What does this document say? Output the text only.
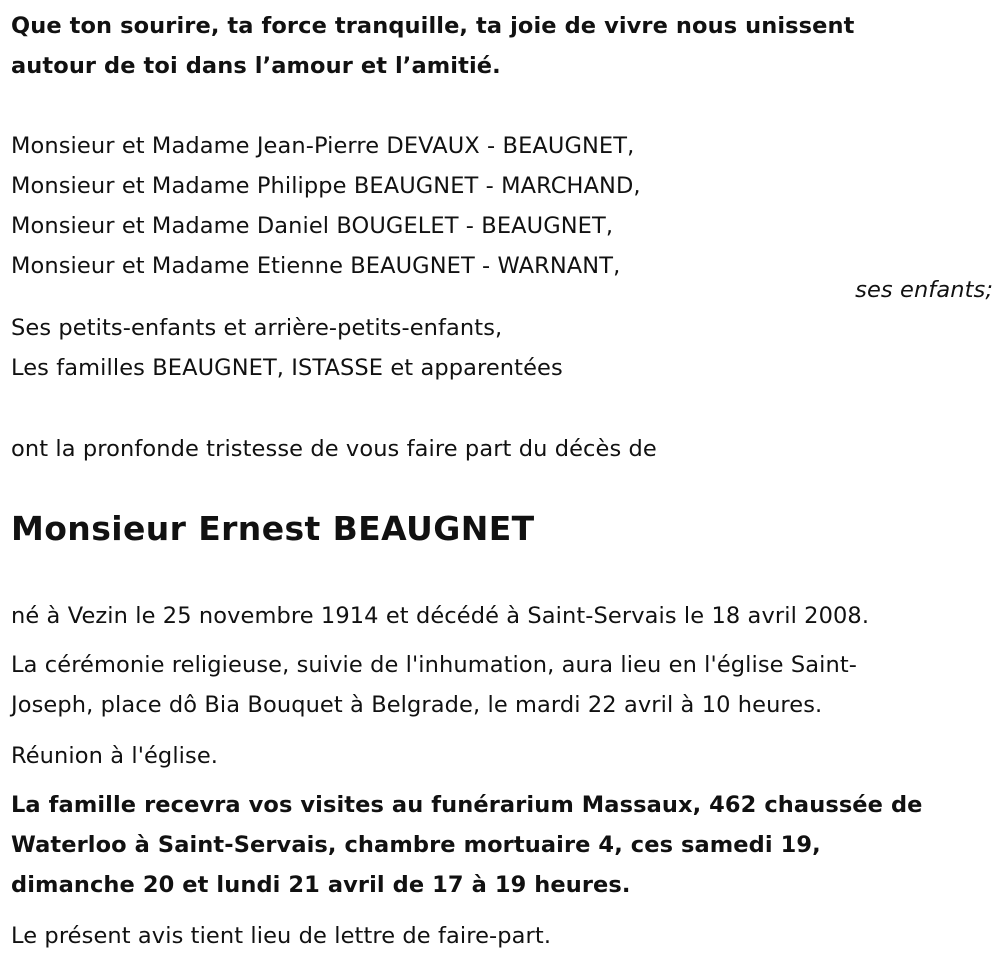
Que ton sourire, ta force tranquille, ta joie de vivre nous unissent
autour de toi dans l’amour et l’amitié.
Monsieur et Madame Jean-Pierre DEVAUX - BEAUGNET,
Monsieur et Madame Philippe BEAUGNET - MARCHAND,
Monsieur et Madame Daniel BOUGELET - BEAUGNET,
Monsieur et Madame Etienne BEAUGNET - WARNANT,
ses enfants;
Ses petits-enfants et arrière-petits-enfants,
Les familles BEAUGNET, ISTASSE et apparentées
ont la pronfonde tristesse de vous faire part du décès de
Monsieur Ernest BEAUGNET
né à Vezin le 25 novembre 1914 et décédé à Saint-Servais le 18 avril 2008.
La cérémonie religieuse, suivie de l'inhumation, aura lieu en l'église Saint-
Joseph, place dô Bia Bouquet à Belgrade, le mardi 22 avril à 10 heures.
Réunion à l'église.
La famille recevra vos visites au funérarium Massaux, 462 chaussée de
Waterloo à Saint-Servais, chambre mortuaire 4, ces samedi 19,
dimanche 20 et lundi 21 avril de 17 à 19 heures.
Le présent avis tient lieu de lettre de faire-part.
